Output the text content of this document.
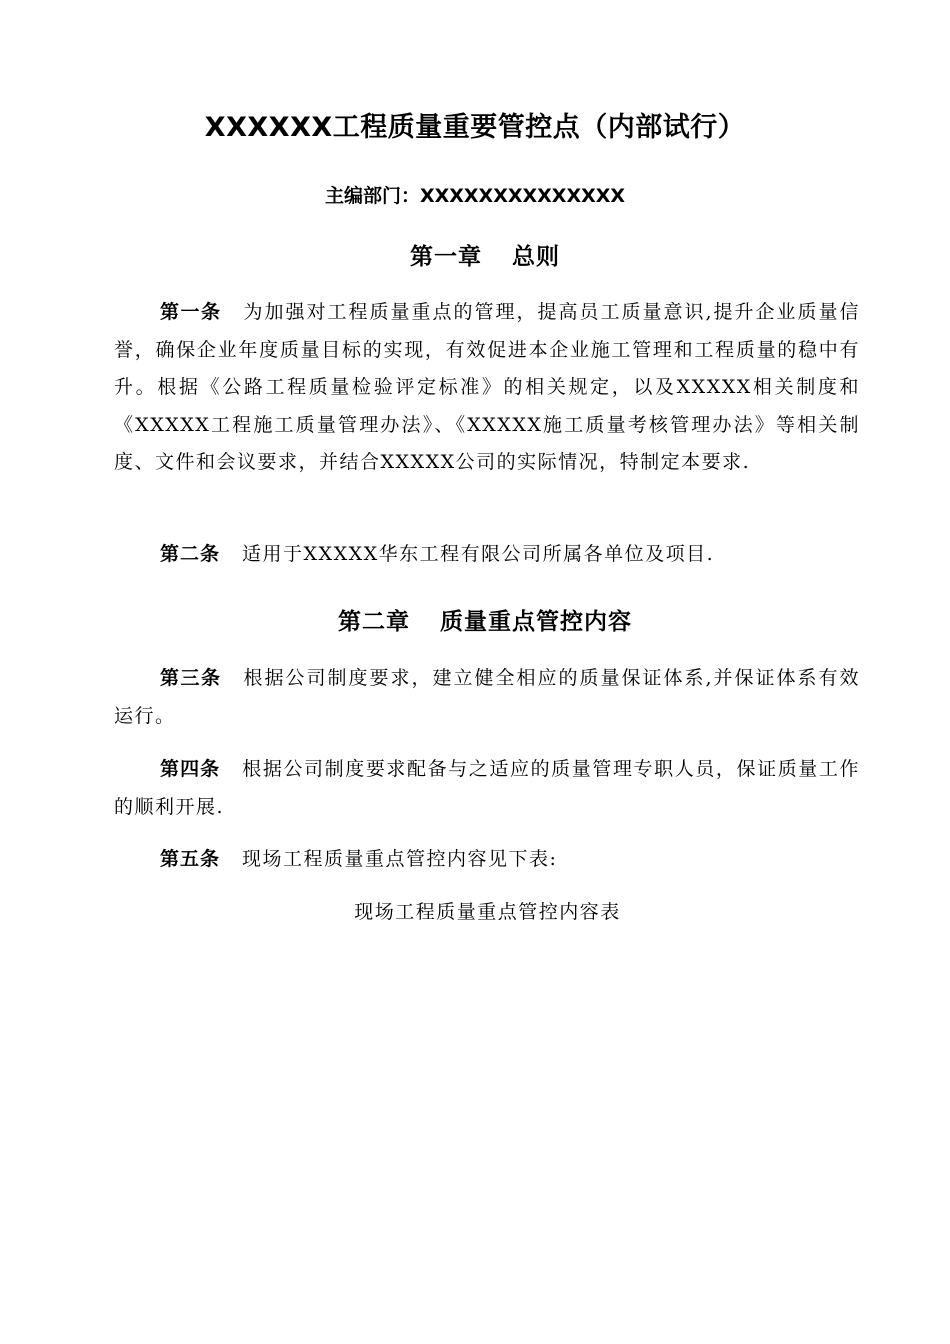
XXXXXX工程质量重要管控点（内部试行）
主编部门：XXXXXXXXXXXXXX
第一章 总则
第一条 为加强对工程质量重点的管理，提高员工质量意识,提升企业质量信誉，确保企业年度质量目标的实现，有效促进本企业施工管理和工程质量的稳中有升。根据《公路工程质量检验评定标准》的相关规定，以及XXXXX相关制度和《XXXXX工程施工质量管理办法》、《XXXXX施工质量考核管理办法》等相关制度、文件和会议要求，并结合XXXXX公司的实际情况，特制定本要求.
第二条 适用于XXXXX华东工程有限公司所属各单位及项目.
第二章 质量重点管控内容
第三条 根据公司制度要求，建立健全相应的质量保证体系,并保证体系有效运行。
第四条 根据公司制度要求配备与之适应的质量管理专职人员，保证质量工作的顺利开展.
第五条 现场工程质量重点管控内容见下表:
现场工程质量重点管控内容表
